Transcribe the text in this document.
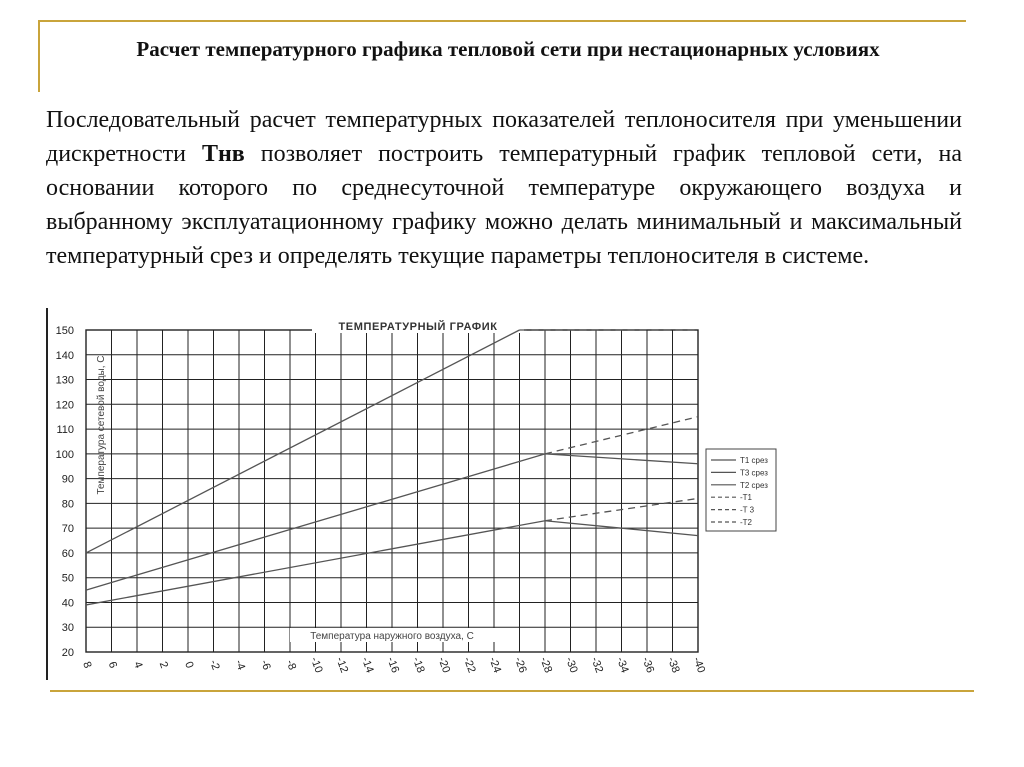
Расчет температурного графика тепловой сети при нестационарных условиях
Последовательный расчет температурных показателей теплоносителя при уменьшении дискретности Тнв позволяет построить температурный график тепловой сети, на основании которого по среднесуточной температуре окружающего воздуха и выбранному эксплуатационному графику можно делать минимальный и максимальный температурный срез и определять текущие параметры теплоносителя в системе.
8 6 4 2 0 -2 -4 -6 -8 -10 -12 -14 -16 -18 -20 -22 -24 -26 -28 -30 -32 -34 -36 -38 -40
20
30
40
50
60
70
80
90
100
110
120
130
140
150	ТЕМПЕРАТУРНЫЙ ГРАФИК
Температура наружного воздуха, С
Температура сетевой воды, С	T1 срез
T3 срез
T2 срез
-T1
-T 3
-T2
